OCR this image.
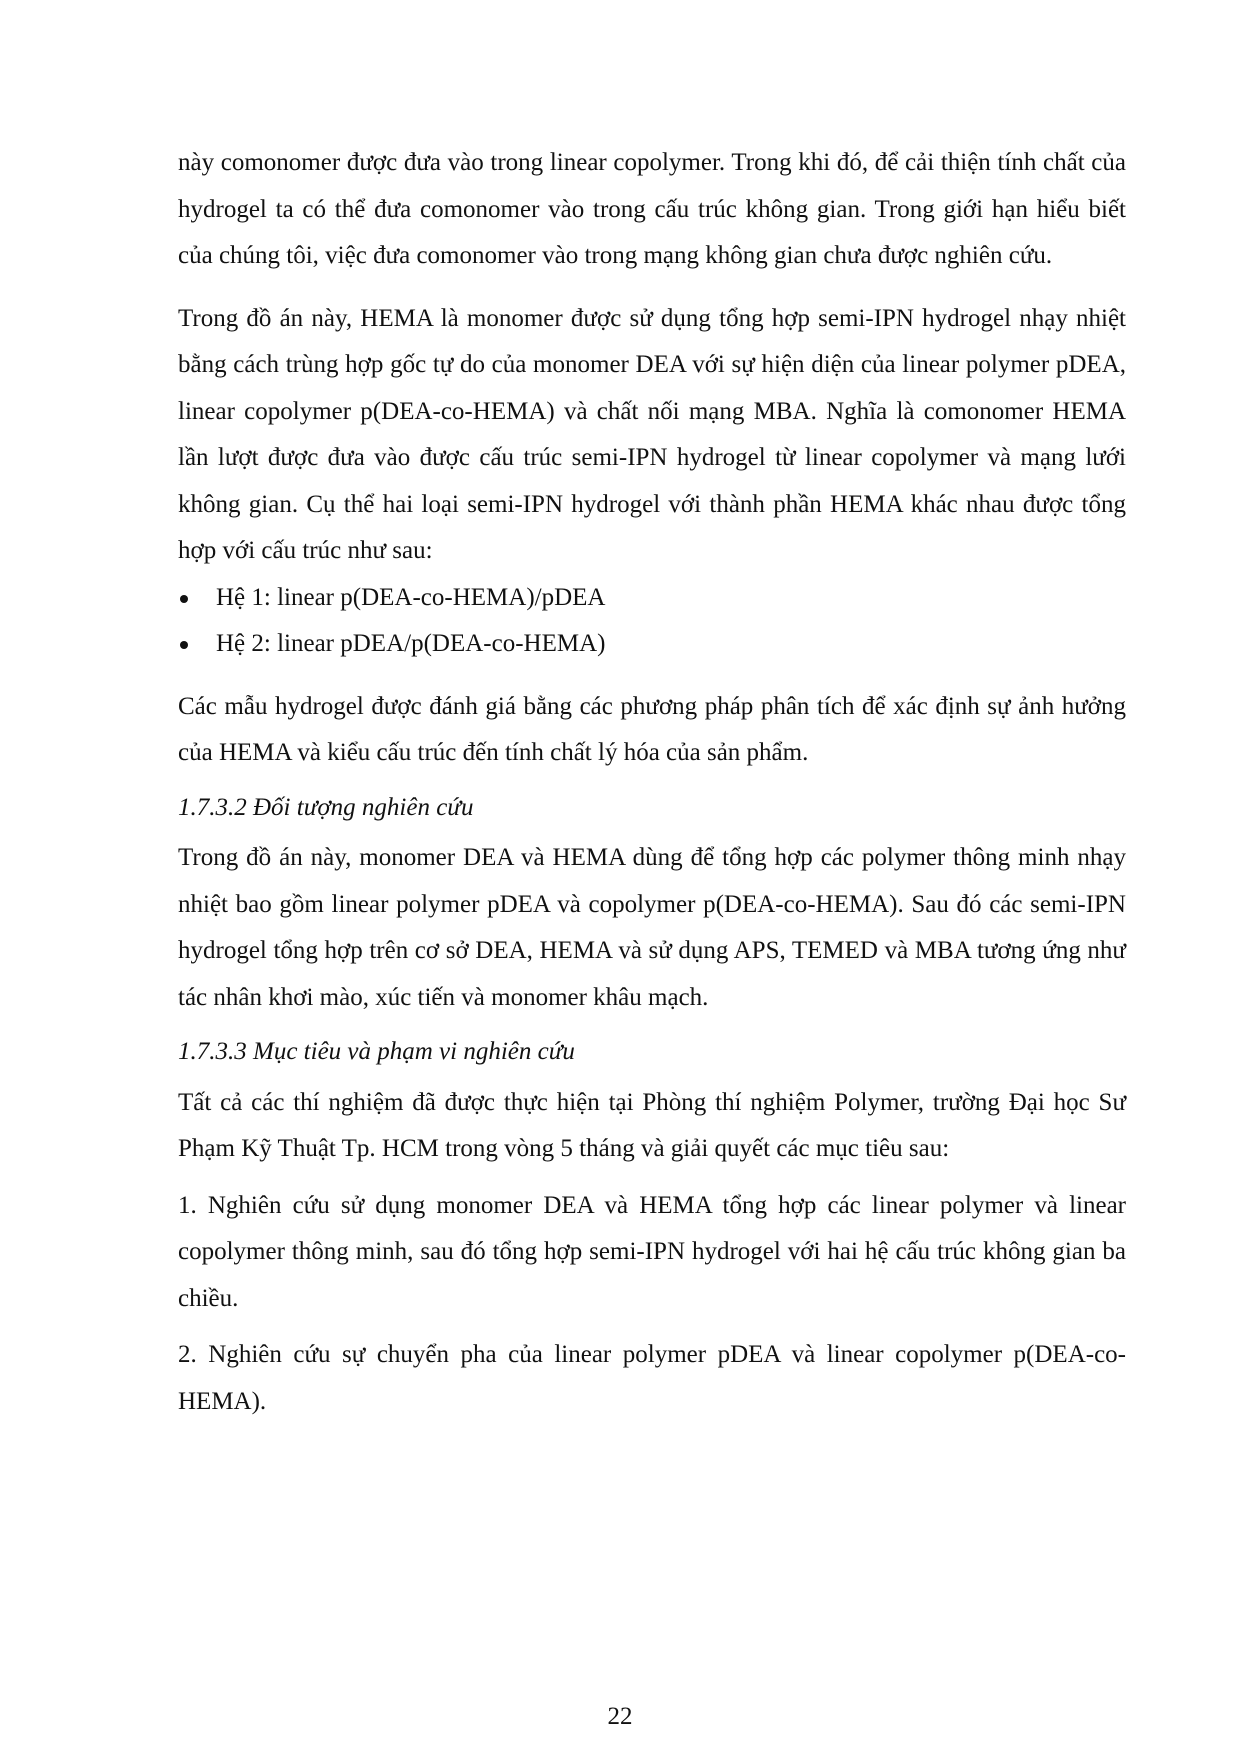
này comonomer được đưa vào trong linear copolymer. Trong khi đó, để cải thiện tính chất của hydrogel ta có thể đưa comonomer vào trong cấu trúc không gian. Trong giới hạn hiểu biết của chúng tôi, việc đưa comonomer vào trong mạng không gian chưa được nghiên cứu.

Trong đồ án này, HEMA là monomer được sử dụng tổng hợp semi-IPN hydrogel nhạy nhiệt bằng cách trùng hợp gốc tự do của monomer DEA với sự hiện diện của linear polymer pDEA, linear copolymer p(DEA-co-HEMA) và chất nối mạng MBA. Nghĩa là comonomer HEMA lần lượt được đưa vào được cấu trúc semi-IPN hydrogel từ linear copolymer và mạng lưới không gian. Cụ thể hai loại semi-IPN hydrogel với thành phần HEMA khác nhau được tổng hợp với cấu trúc như sau:

Hệ 1: linear p(DEA-co-HEMA)/pDEA
Hệ 2: linear pDEA/p(DEA-co-HEMA)

Các mẫu hydrogel được đánh giá bằng các phương pháp phân tích để xác định sự ảnh hưởng của HEMA và kiểu cấu trúc đến tính chất lý hóa của sản phẩm.

1.7.3.2 Đối tượng nghiên cứu

Trong đồ án này, monomer DEA và HEMA dùng để tổng hợp các polymer thông minh nhạy nhiệt bao gồm linear polymer pDEA và copolymer p(DEA-co-HEMA). Sau đó các semi-IPN hydrogel tổng hợp trên cơ sở DEA, HEMA và sử dụng APS, TEMED và MBA tương ứng như tác nhân khơi mào, xúc tiến và monomer khâu mạch.

1.7.3.3 Mục tiêu và phạm vi nghiên cứu

Tất cả các thí nghiệm đã được thực hiện tại Phòng thí nghiệm Polymer, trường Đại học Sư Phạm Kỹ Thuật Tp. HCM trong vòng 5 tháng và giải quyết các mục tiêu sau:

1. Nghiên cứu sử dụng monomer DEA và HEMA tổng hợp các linear polymer và linear copolymer thông minh, sau đó tổng hợp semi-IPN hydrogel với hai hệ cấu trúc không gian ba chiều.

2. Nghiên cứu sự chuyển pha của linear polymer pDEA và linear copolymer p(DEA-co-HEMA).

22
